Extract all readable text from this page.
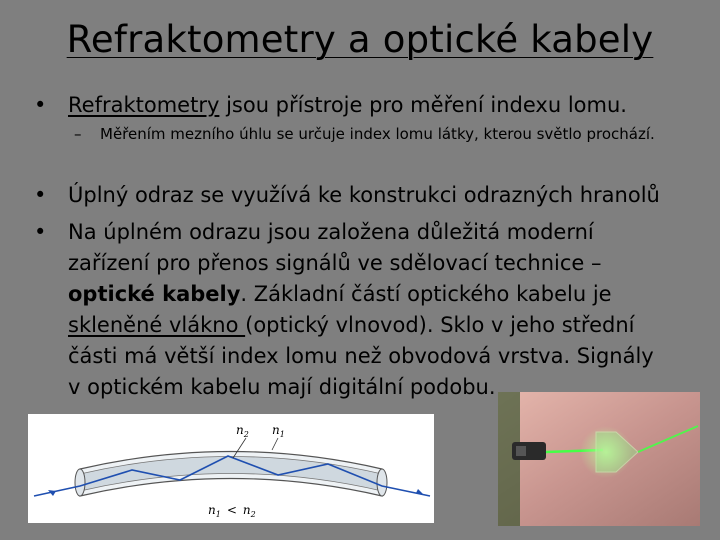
Refraktometry a optické kabely
• Refraktometry jsou přístroje pro měření indexu lomu.
– Měřením mezního úhlu se určuje index lomu látky, kterou světlo prochází.
• Úplný odraz se využívá ke konstrukci odrazných hranolů
• Na úplném odrazu jsou založena důležitá moderní zařízení pro přenos signálů ve sdělovací technice – optické kabely. Základní částí optického kabelu je skleněné vlákno (optický vlnovod). Sklo v jeho střední části má větší index lomu než obvodová vrstva. Signály v optickém kabelu mají digitální podobu.
$n_2$ $n_1$
$n_1 < n_2$
